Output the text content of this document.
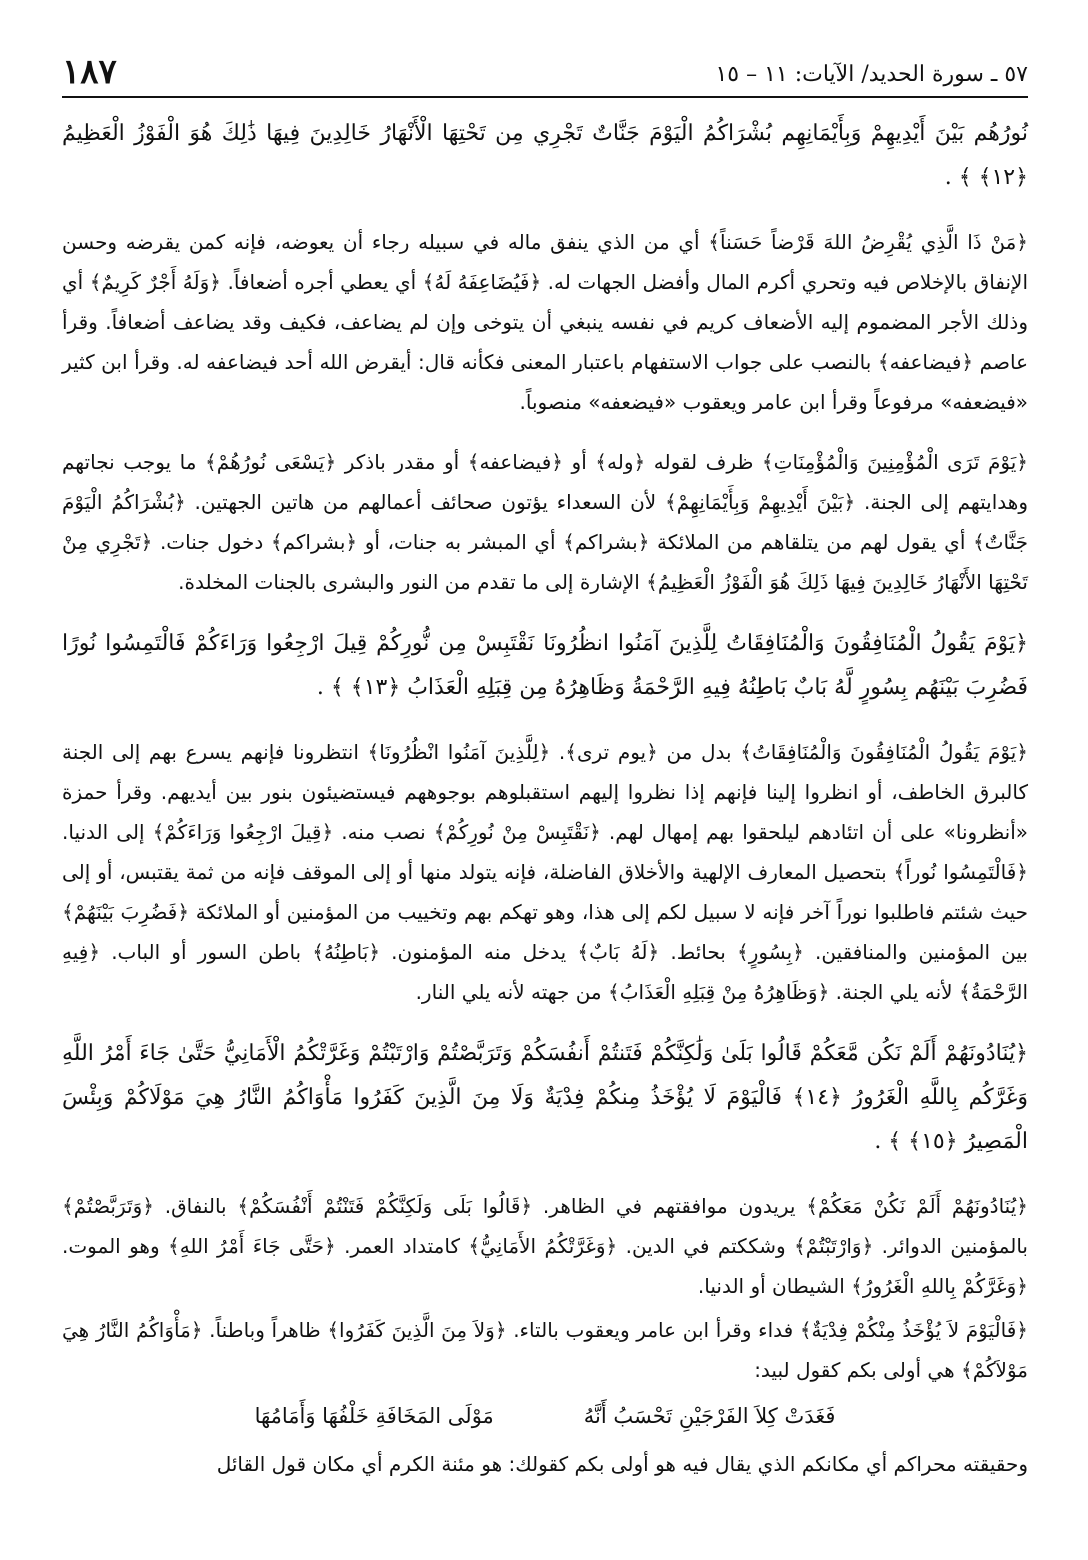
٥٧ ـ سورة الحديد/ الآيات: ١١ – ١٥
١٨٧

نُورُهُم بَيْنَ أَيْدِيهِمْ وَبِأَيْمَانِهِم بُشْرَاكُمُ الْيَوْمَ جَنَّاتٌ تَجْرِي مِن تَحْتِهَا الْأَنْهَارُ خَالِدِينَ فِيهَا ذَٰلِكَ هُوَ الْفَوْزُ الْعَظِيمُ ﴿١٢﴾ ﴾ .

﴿مَنْ ذَا الَّذِي يُقْرِضُ اللهَ قَرْضاً حَسَناً﴾ أي من الذي ينفق ماله في سبيله رجاء أن يعوضه، فإنه كمن يقرضه وحسن الإنفاق بالإخلاص فيه وتحري أكرم المال وأفضل الجهات له. ﴿فَيُضَاعِفَهُ لَهُ﴾ أي يعطي أجره أضعافاً. ﴿وَلَهُ أَجْرٌ كَرِيمٌ﴾ أي وذلك الأجر المضموم إليه الأضعاف كريم في نفسه ينبغي أن يتوخى وإن لم يضاعف، فكيف وقد يضاعف أضعافاً. وقرأ عاصم ﴿فيضاعفه﴾ بالنصب على جواب الاستفهام باعتبار المعنى فكأنه قال: أيقرض الله أحد فيضاعفه له. وقرأ ابن كثير «فيضعفه» مرفوعاً وقرأ ابن عامر ويعقوب «فيضعفه» منصوباً.

﴿يَوْمَ تَرَى الْمُؤْمِنِينَ وَالْمُؤْمِنَاتِ﴾ ظرف لقوله ﴿وله﴾ أو ﴿فيضاعفه﴾ أو مقدر باذكر ﴿يَسْعَى نُورُهُمْ﴾ ما يوجب نجاتهم وهدايتهم إلى الجنة. ﴿بَيْنَ أَيْدِيهِمْ وَبِأَيْمَانِهِمْ﴾ لأن السعداء يؤتون صحائف أعمالهم من هاتين الجهتين. ﴿بُشْرَاكُمُ الْيَوْمَ جَنَّاتٌ﴾ أي يقول لهم من يتلقاهم من الملائكة ﴿بشراكم﴾ أي المبشر به جنات، أو ﴿بشراكم﴾ دخول جنات. ﴿تَجْرِي مِنْ تَحْتِهَا الأَنْهَارُ خَالِدِينَ فِيهَا ذَلِكَ هُوَ الْفَوْزُ الْعَظِيمُ﴾ الإشارة إلى ما تقدم من النور والبشرى بالجنات المخلدة.

﴿يَوْمَ يَقُولُ الْمُنَافِقُونَ وَالْمُنَافِقَاتُ لِلَّذِينَ آمَنُوا انظُرُونَا نَقْتَبِسْ مِن نُّورِكُمْ قِيلَ ارْجِعُوا وَرَاءَكُمْ فَالْتَمِسُوا نُورًا فَضُرِبَ بَيْنَهُم بِسُورٍ لَّهُ بَابٌ بَاطِنُهُ فِيهِ الرَّحْمَةُ وَظَاهِرُهُ مِن قِبَلِهِ الْعَذَابُ ﴿١٣﴾ ﴾ .

﴿يَوْمَ يَقُولُ الْمُنَافِقُونَ وَالْمُنَافِقَاتُ﴾ بدل من ﴿يوم ترى﴾. ﴿لِلَّذِينَ آمَنُوا انْظُرُونَا﴾ انتظرونا فإنهم يسرع بهم إلى الجنة كالبرق الخاطف، أو انظروا إلينا فإنهم إذا نظروا إليهم استقبلوهم بوجوههم فيستضيئون بنور بين أيديهم. وقرأ حمزة «أنظرونا» على أن اتئادهم ليلحقوا بهم إمهال لهم. ﴿نَقْتَبِسْ مِنْ نُورِكُمْ﴾ نصب منه. ﴿قِيلَ ارْجِعُوا وَرَاءَكُمْ﴾ إلى الدنيا. ﴿فَالْتَمِسُوا نُوراً﴾ بتحصيل المعارف الإلهية والأخلاق الفاضلة، فإنه يتولد منها أو إلى الموقف فإنه من ثمة يقتبس، أو إلى حيث شئتم فاطلبوا نوراً آخر فإنه لا سبيل لكم إلى هذا، وهو تهكم بهم وتخييب من المؤمنين أو الملائكة ﴿فَضُرِبَ بَيْنَهُمْ﴾ بين المؤمنين والمنافقين. ﴿بِسُورٍ﴾ بحائط. ﴿لَهُ بَابٌ﴾ يدخل منه المؤمنون. ﴿بَاطِنُهُ﴾ باطن السور أو الباب. ﴿فِيهِ الرَّحْمَةُ﴾ لأنه يلي الجنة. ﴿وَظَاهِرُهُ مِنْ قِبَلِهِ الْعَذَابُ﴾ من جهته لأنه يلي النار.

﴿يُنَادُونَهُمْ أَلَمْ نَكُن مَّعَكُمْ قَالُوا بَلَىٰ وَلَٰكِنَّكُمْ فَتَنتُمْ أَنفُسَكُمْ وَتَرَبَّصْتُمْ وَارْتَبْتُمْ وَغَرَّتْكُمُ الْأَمَانِيُّ حَتَّىٰ جَاءَ أَمْرُ اللَّهِ وَغَرَّكُم بِاللَّهِ الْغَرُورُ ﴿١٤﴾ فَالْيَوْمَ لَا يُؤْخَذُ مِنكُمْ فِدْيَةٌ وَلَا مِنَ الَّذِينَ كَفَرُوا مَأْوَاكُمُ النَّارُ هِيَ مَوْلَاكُمْ وَبِئْسَ الْمَصِيرُ ﴿١٥﴾ ﴾ .

﴿يُنَادُونَهُمْ أَلَمْ نَكُنْ مَعَكُمْ﴾ يريدون موافقتهم في الظاهر. ﴿قَالُوا بَلَى وَلَكِنَّكُمْ فَتَنْتُمْ أَنْفُسَكُمْ﴾ بالنفاق. ﴿وَتَرَبَّصْتُمْ﴾ بالمؤمنين الدوائر. ﴿وَارْتَبْتُمْ﴾ وشككتم في الدين. ﴿وَغَرَّتْكُمُ الأَمَانِيُّ﴾ كامتداد العمر. ﴿حَتَّى جَاءَ أَمْرُ اللهِ﴾ وهو الموت. ﴿وَغَرَّكُمْ بِاللهِ الْغَرُورُ﴾ الشيطان أو الدنيا.

﴿فَالْيَوْمَ لاَ يُؤْخَذُ مِنْكُمْ فِدْيَةٌ﴾ فداء وقرأ ابن عامر ويعقوب بالتاء. ﴿وَلاَ مِنَ الَّذِينَ كَفَرُوا﴾ ظاهراً وباطناً. ﴿مَأْوَاكُمُ النَّارُ هِيَ مَوْلاَكُمْ﴾ هي أولى بكم كقول لبيد:

فَغَدَتْ كِلاَ الفَرْجَيْنِ تَحْسَبُ أَنَّهُ
مَوْلَى المَخَافَةِ خَلْفُهَا وَأَمَامُهَا

وحقيقته محراكم أي مكانكم الذي يقال فيه هو أولى بكم كقولك: هو مئنة الكرم أي مكان قول القائل
